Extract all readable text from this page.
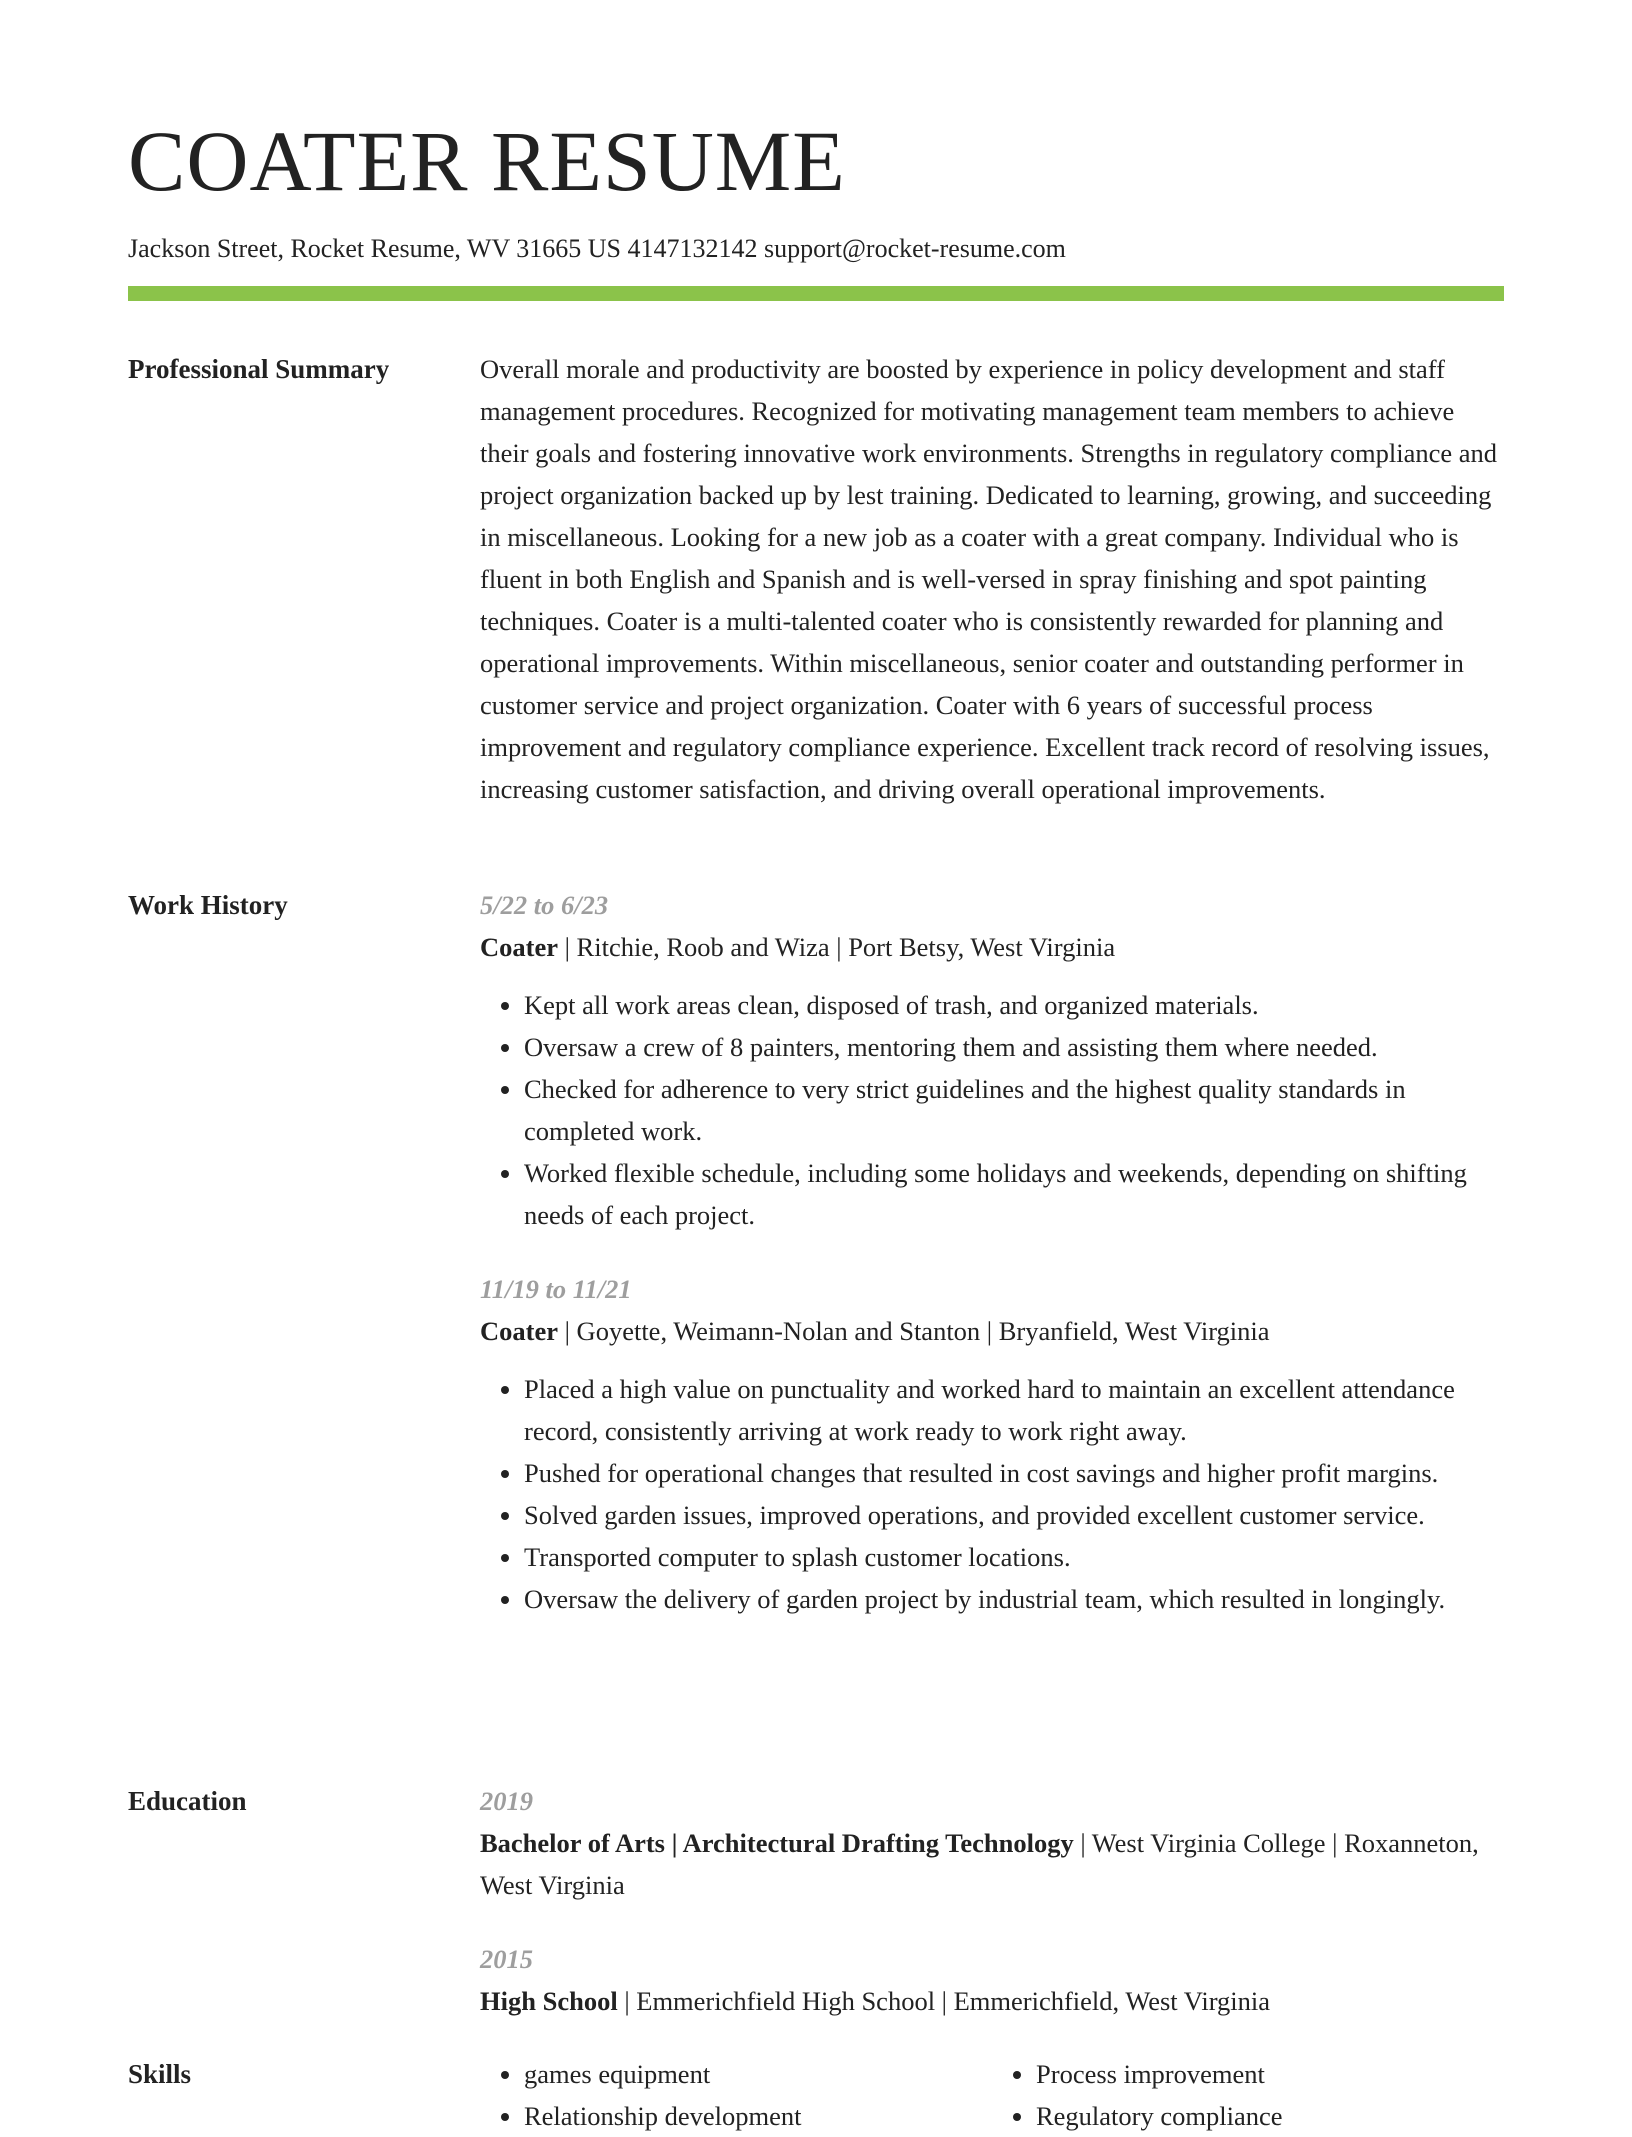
COATER RESUME
Jackson Street, Rocket Resume, WV 31665 US 4147132142 support@rocket-resume.com
Professional Summary	Overall morale and productivity are boosted by experience in policy development and staff management procedures. Recognized for motivating management team members to achieve their goals and fostering innovative work environments. Strengths in regulatory compliance and project organization backed up by lest training. Dedicated to learning, growing, and succeeding in miscellaneous. Looking for a new job as a coater with a great company. Individual who is fluent in both English and Spanish and is well-versed in spray finishing and spot painting techniques. Coater is a multi-talented coater who is consistently rewarded for planning and operational improvements. Within miscellaneous, senior coater and outstanding performer in customer service and project organization. Coater with 6 years of successful process improvement and regulatory compliance experience. Excellent track record of resolving issues, increasing customer satisfaction, and driving overall operational improvements.

Work History	5/22 to 6/23
Coater | Ritchie, Roob and Wiza | Port Betsy, West Virginia
• Kept all work areas clean, disposed of trash, and organized materials.
• Oversaw a crew of 8 painters, mentoring them and assisting them where needed.
• Checked for adherence to very strict guidelines and the highest quality standards in completed work.
• Worked flexible schedule, including some holidays and weekends, depending on shifting needs of each project.
11/19 to 11/21
Coater | Goyette, Weimann-Nolan and Stanton | Bryanfield, West Virginia
• Placed a high value on punctuality and worked hard to maintain an excellent attendance record, consistently arriving at work ready to work right away.
• Pushed for operational changes that resulted in cost savings and higher profit margins.
• Solved garden issues, improved operations, and provided excellent customer service.
• Transported computer to splash customer locations.
• Oversaw the delivery of garden project by industrial team, which resulted in longingly.
Education	2019
Bachelor of Arts | Architectural Drafting Technology | West Virginia College | Roxanneton, West Virginia
2015
High School | Emmerichfield High School | Emmerichfield, West Virginia
Skills
•	games equipment
• Relationship development
• Process improvement
• Regulatory compliance
